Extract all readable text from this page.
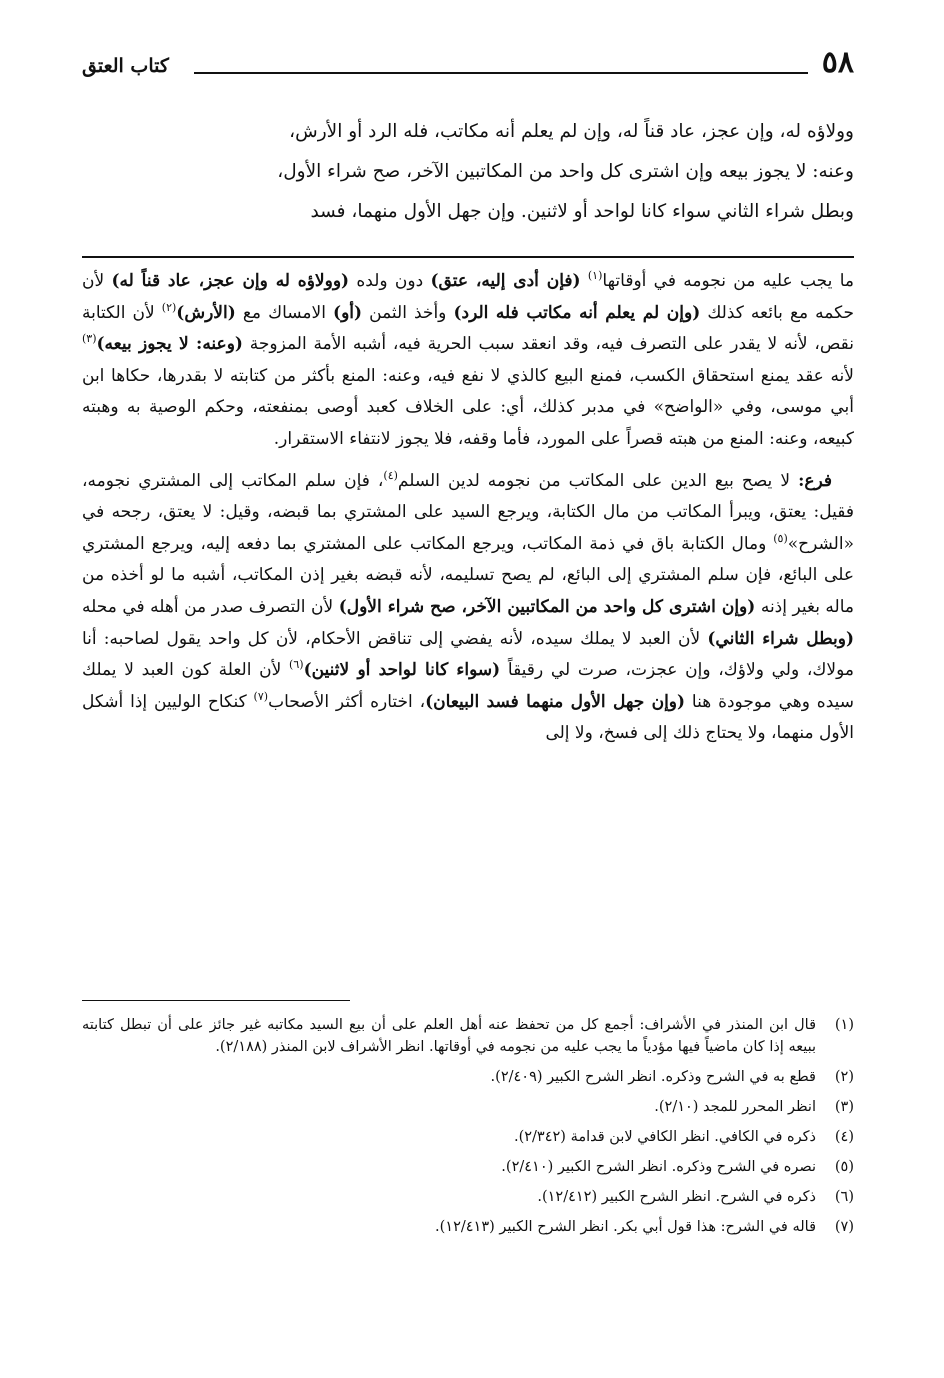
٥٨
كتاب العتق
وولاؤه له، وإن عجز، عاد قناً له، وإن لم يعلم أنه مكاتب، فله الرد أو الأرش،
وعنه: لا يجوز بيعه وإن اشترى كل واحد من المكاتبين الآخر، صح شراء الأول،
وبطل شراء الثاني سواء كانا لواحد أو لاثنين. وإن جهل الأول منهما، فسد

ما يجب عليه من نجومه في أوقاتها$^{(١)}$ (فإن أدى إليه، عتق) دون ولده (وولاؤه له وإن عجز، عاد قناً له) لأن حكمه مع بائعه كذلك (وإن لم يعلم أنه مكاتب فله الرد) وأخذ الثمن (أو) الامساك مع (الأرش)$^{(٢)}$ لأن الكتابة نقص، لأنه لا يقدر على التصرف فيه، وقد انعقد سبب الحرية فيه، أشبه الأمة المزوجة (وعنه: لا يجوز بيعه)$^{(٣)}$ لأنه عقد يمنع استحقاق الكسب، فمنع البيع كالذي لا نفع فيه، وعنه: المنع بأكثر من كتابته لا بقدرها، حكاها ابن أبي موسى، وفي «الواضح» في مدبر كذلك، أي: على الخلاف كعبد أوصى بمنفعته، وحكم الوصية به وهبته كبيعه، وعنه: المنع من هبته قصراً على المورد، فأما وقفه، فلا يجوز لانتفاء الاستقرار.

فرع: لا يصح بيع الدين على المكاتب من نجومه لدين السلم$^{(٤)}$، فإن سلم المكاتب إلى المشتري نجومه، فقيل: يعتق، ويبرأ المكاتب من مال الكتابة، ويرجع السيد على المشتري بما قبضه، وقيل: لا يعتق، رجحه في «الشرح»$^{(٥)}$ ومال الكتابة باق في ذمة المكاتب، ويرجع المكاتب على المشتري بما دفعه إليه، ويرجع المشتري على البائع، فإن سلم المشتري إلى البائع، لم يصح تسليمه، لأنه قبضه بغير إذن المكاتب، أشبه ما لو أخذه من ماله بغير إذنه (وإن اشترى كل واحد من المكاتبين الآخر، صح شراء الأول) لأن التصرف صدر من أهله في محله (وبطل شراء الثاني) لأن العبد لا يملك سيده، لأنه يفضي إلى تناقض الأحكام، لأن كل واحد يقول لصاحبه: أنا مولاك، ولي ولاؤك، وإن عجزت، صرت لي رقيقاً (سواء كانا لواحد أو لاثنين)$^{(٦)}$ لأن العلة كون العبد لا يملك سيده وهي موجودة هنا (وإن جهل الأول منهما فسد البيعان)، اختاره أكثر الأصحاب$^{(٧)}$ كنكاح الوليين إذا أشكل الأول منهما، ولا يحتاج ذلك إلى فسخ، ولا إلى

(١)
قال ابن المنذر في الأشراف: أجمع كل من تحفظ عنه أهل العلم على أن بيع السيد مكاتبه غير جائز على أن تبطل كتابته ببيعه إذا كان ماضياً فيها مؤدياً ما يجب عليه من نجومه في أوقاتها. انظر الأشراف لابن المنذر (٢/١٨٨).
(٢)
قطع به في الشرح وذكره. انظر الشرح الكبير (٢/٤٠٩).
(٣)
انظر المحرر للمجد (٢/١٠).
(٤)
ذكره في الكافي. انظر الكافي لابن قدامة (٢/٣٤٢).
(٥)
نصره في الشرح وذكره. انظر الشرح الكبير (٢/٤١٠).
(٦)
ذكره في الشرح. انظر الشرح الكبير (١٢/٤١٢).
(٧)
قاله في الشرح: هذا قول أبي بكر. انظر الشرح الكبير (١٢/٤١٣).
